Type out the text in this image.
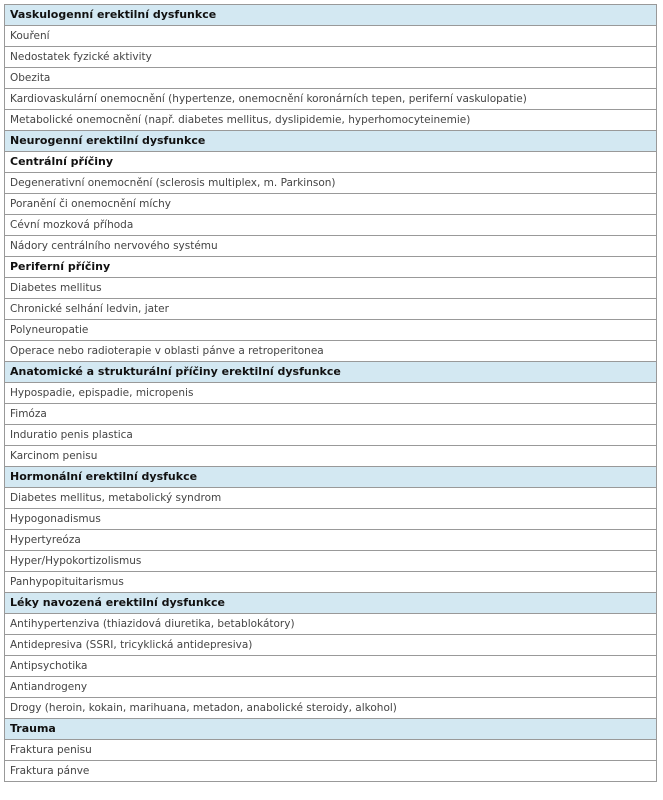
Vaskulogenní erektilní dysfunkce
Kouření
Nedostatek fyzické aktivity
Obezita
Kardiovaskulární onemocnění (hypertenze, onemocnění koronárních tepen, periferní vaskulopatie)
Metabolické onemocnění (např. diabetes mellitus, dyslipidemie, hyperhomocyteinemie)
Neurogenní erektilní dysfunkce
Centrální příčiny
Degenerativní onemocnění (sclerosis multiplex, m. Parkinson)
Poranění či onemocnění míchy
Cévní mozková příhoda
Nádory centrálního nervového systému
Periferní příčiny
Diabetes mellitus
Chronické selhání ledvin, jater
Polyneuropatie
Operace nebo radioterapie v oblasti pánve a retroperitonea
Anatomické a strukturální příčiny erektilní dysfunkce
Hypospadie, epispadie, micropenis
Fimóza
Induratio penis plastica
Karcinom penisu
Hormonální erektilní dysfukce
Diabetes mellitus, metabolický syndrom
Hypogonadismus
Hypertyreóza
Hyper/Hypokortizolismus
Panhypopituitarismus
Léky navozená erektilní dysfunkce
Antihypertenziva (thiazidová diuretika, betablokátory)
Antidepresiva (SSRI, tricyklická antidepresiva)
Antipsychotika
Antiandrogeny
Drogy (heroin, kokain, marihuana, metadon, anabolické steroidy, alkohol)
Trauma
Fraktura penisu
Fraktura pánve
